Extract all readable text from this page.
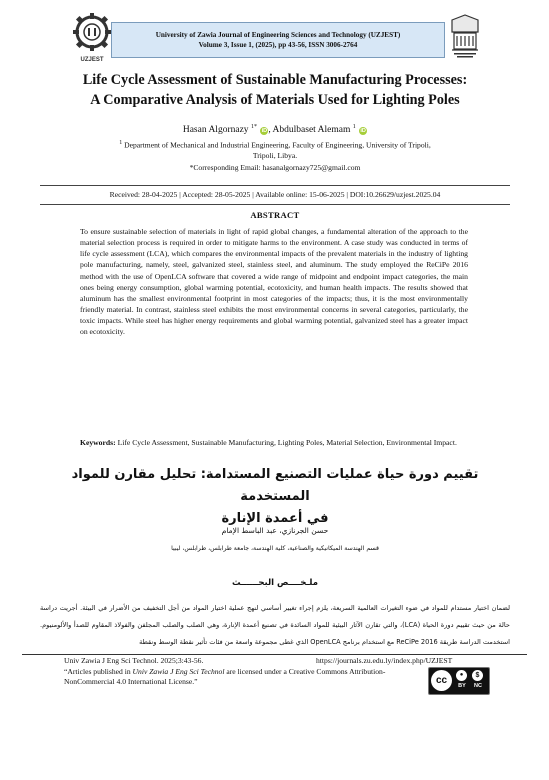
UZJEST
University of Zawia Journal of Engineering Sciences and Technology (UZJEST)
Volume 3, Issue 1, (2025), pp 43-56, ISSN 3006-2764
Life Cycle Assessment of Sustainable Manufacturing Processes:
A Comparative Analysis of Materials Used for Lighting Poles
Hasan Algornazy $^{1*}$ iD, Abdulbaset Alemam $^1$ iD
$^1$ Department of Mechanical and Industrial Engineering, Faculty of Engineering, University of Tripoli,
Tripoli, Libya.
*Corresponding Email: hasanalgornazy725@gmail.com
Received: 28-04-2025 | Accepted: 28-05-2025 | Available online: 15-06-2025 | DOI:10.26629/uzjest.2025.04
ABSTRACT
To ensure sustainable selection of materials in light of rapid global changes, a fundamental alteration of the approach to the material selection process is required in order to mitigate harms to the environment. A case study was conducted in terms of life cycle assessment (LCA), which compares the environmental impacts of the prevalent materials in the industry of lighting pole manufacturing, namely, steel, galvanized steel, stainless steel, and aluminum. The study employed the ReCiPe 2016 method with the use of OpenLCA software that covered a wide range of midpoint and endpoint impact categories, the main ones being energy consumption, global warming potential, ecotoxicity, and human health impacts. The results showed that aluminum has the smallest environmental footprint in most categories of the impacts; thus, it is the most environmentally friendly material. In contrast, stainless steel exhibits the most environmental concerns in several categories, particularly, the toxic impacts. While steel has higher energy requirements and global warming potential, galvanized steel has a greater impact on ecotoxicity.
Keywords: Life Cycle Assessment, Sustainable Manufacturing, Lighting Poles, Material Selection, Environmental Impact.
تقييم دورة حياة عمليات التصنيع المستدامة: تحليل مقارن للمواد المستخدمة
في أعمدة الإنارة
حسن الجرنازي، عبد الباسط الإمام
قسم الهندسة الميكانيكية والصناعية، كلية الهندسة، جامعة طرابلس، طرابلس، ليبيا
ملـخــــص البحــــــث
لضمان اختيار مستدام للمواد في ضوء التغيرات العالمية السريعة، يلزم إجراء تغيير أساسي لنهج عملية اختيار المواد من أجل التخفيف من الأضرار في البيئة. أجريت دراسة حالة من حيث تقييم دورة الحياة (LCA)، والتي تقارن الآثار البيئية للمواد السائدة في تصنيع أعمدة الإنارة، وهي الصلب والصلب المجلفن والفولاذ المقاوم للصدأ والألومنيوم. استخدمت الدراسة طريقة ReCiPe 2016 مع استخدام برنامج OpenLCA الذي غطى مجموعة واسعة من فئات تأثير نقطة الوسط ونقطة
Univ Zawia J Eng Sci Technol. 2025;3:43-56.	https://journals.zu.edu.ly/index.php/UZJEST
“Articles published in Univ Zawia J Eng Sci Technol are licensed under a Creative Commons Attribution-NonCommercial 4.0 International License.”	cc	●	$
BY	NC
